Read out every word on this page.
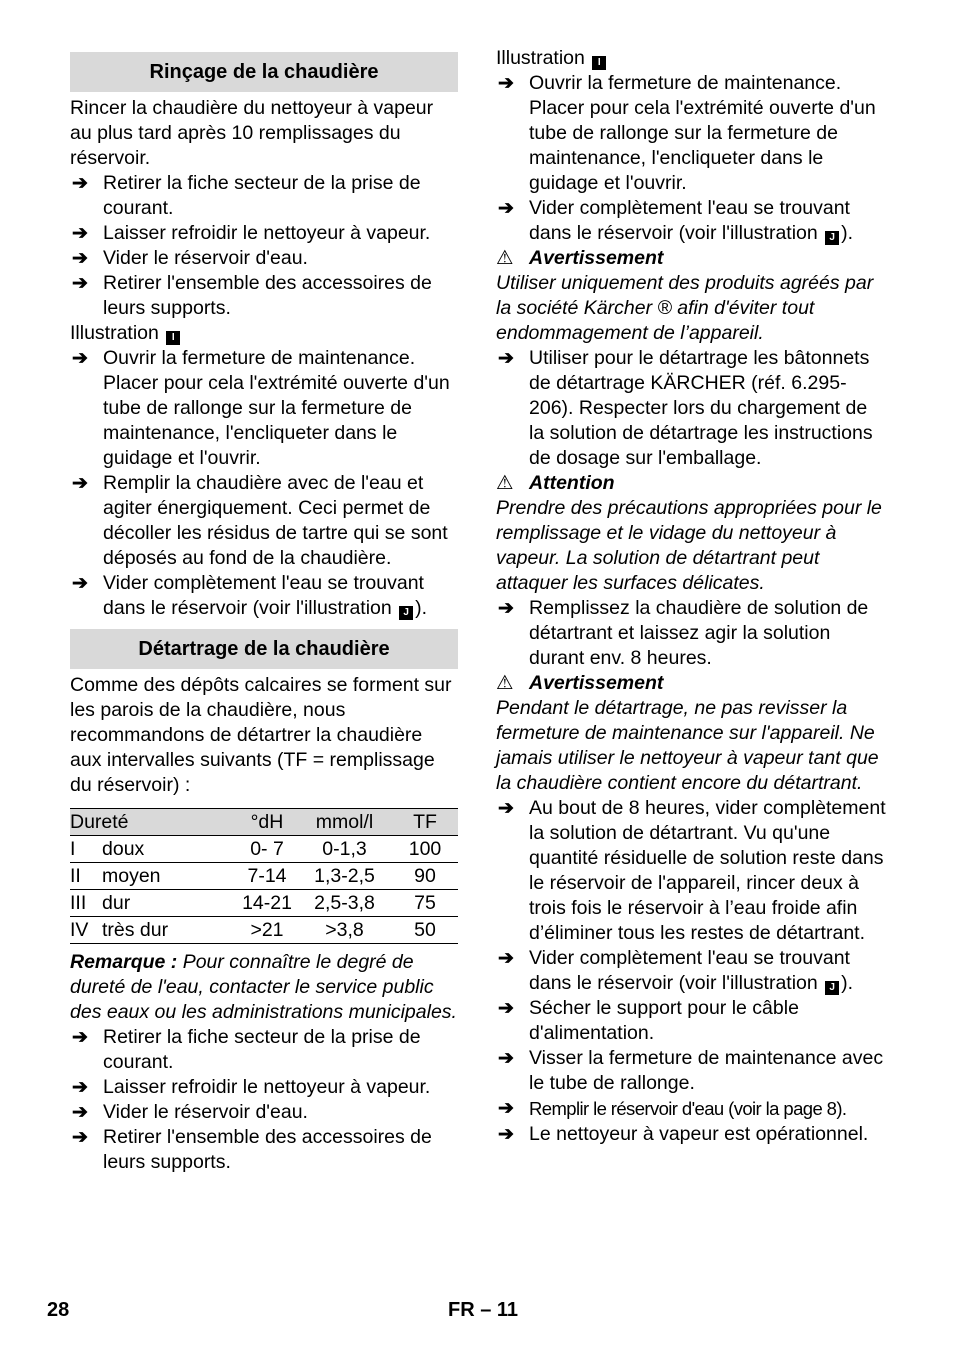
Rinçage de la chaudière

Rincer la chaudière du nettoyeur à vapeur au plus tard après 10 remplissages du réservoir.

➔ Retirer la fiche secteur de la prise de courant.
➔ Laisser refroidir le nettoyeur à vapeur.
➔ Vider le réservoir d'eau.
➔ Retirer l'ensemble des accessoires de leurs supports.

Illustration I

➔ Ouvrir la fermeture de maintenance. Placer pour cela l'extrémité ouverte d'un tube de rallonge sur la fermeture de maintenance, l'encliqueter dans le guidage et l'ouvrir.
➔ Remplir la chaudière avec de l'eau et agiter énergiquement. Ceci permet de décoller les résidus de tartre qui se sont déposés au fond de la chaudière.
➔ Vider complètement l'eau se trouvant dans le réservoir (voir l'illustration J ).
Détartrage de la chaudière

Comme des dépôts calcaires se forment sur les parois de la chaudière, nous recommandons de détartrer la chaudière aux intervalles suivants (TF = remplissage du réservoir) :

Dureté		°dH	mmol/l	TF
I	doux	0- 7	0-1,3	100
II	moyen	7-14	1,3-2,5	90
III	dur	14-21	2,5-3,8	75
IV	très dur	>21	>3,8	50

Remarque : Pour connaître le degré de dureté de l'eau, contacter le service public des eaux ou les administrations municipales.

➔ Retirer la fiche secteur de la prise de courant.
➔ Laisser refroidir le nettoyeur à vapeur.
➔ Vider le réservoir d'eau.
➔ Retirer l'ensemble des accessoires de leurs supports.

Illustration I

➔ Ouvrir la fermeture de maintenance. Placer pour cela l'extrémité ouverte d'un tube de rallonge sur la fermeture de maintenance, l'encliqueter dans le guidage et l'ouvrir.
➔ Vider complètement l'eau se trouvant dans le réservoir (voir l'illustration J ).
⚠ Avertissement

Utiliser uniquement des produits agréés par la société Kärcher ® afin d'éviter tout endommagement de l’appareil.

➔ Utiliser pour le détartrage les bâtonnets de détartrage KÄRCHER (réf. 6.295-206). Respecter lors du chargement de la solution de détartrage les instructions de dosage sur l'emballage.
⚠ Attention

Prendre des précautions appropriées pour le remplissage et le vidage du nettoyeur à vapeur. La solution de détartrant peut attaquer les surfaces délicates.

➔ Remplissez la chaudière de solution de détartrant et laissez agir la solution durant env. 8 heures.
⚠ Avertissement

Pendant le détartrage, ne pas revisser la fermeture de maintenance sur l'appareil. Ne jamais utiliser le nettoyeur à vapeur tant que la chaudière contient encore du détartrant.

➔ Au bout de 8 heures, vider complètement la solution de détartrant. Vu qu'une quantité résiduelle de solution reste dans le réservoir de l'appareil, rincer deux à trois fois le réservoir à l’eau froide afin d’éliminer tous les restes de détartrant.
➔ Vider complètement l'eau se trouvant dans le réservoir (voir l'illustration J ).
➔ Sécher le support pour le câble d'alimentation.
➔ Visser la fermeture de maintenance avec le tube de rallonge.
➔ Remplir le réservoir d'eau (voir la page 8).
➔ Le nettoyeur à vapeur est opérationnel.
28	FR – 11
